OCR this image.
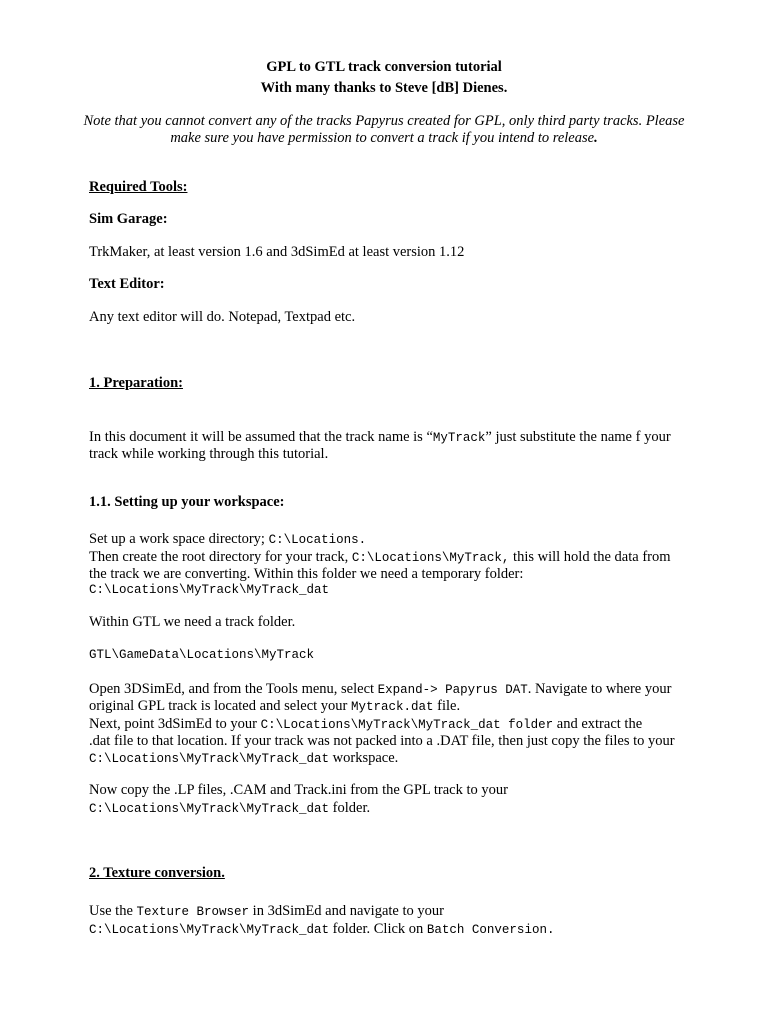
GPL to GTL track conversion tutorial
With many thanks to Steve [dB] Dienes.
Note that you cannot convert any of the tracks Papyrus created for GPL, only third party tracks. Please
make sure you have permission to convert a track if you intend to release.
Required Tools:
Sim Garage:
TrkMaker, at least version 1.6 and 3dSimEd at least version 1.12
Text Editor:
Any text editor will do. Notepad, Textpad etc.
1. Preparation:
In this document it will be assumed that the track name is “MyTrack” just substitute the name f your
track while working through this tutorial.
1.1. Setting up your workspace:
Set up a work space directory; C:\Locations.
Then create the root directory for your track, C:\Locations\MyTrack, this will hold the data from
the track we are converting. Within this folder we need a temporary folder:
C:\Locations\MyTrack\MyTrack_dat
Within GTL we need a track folder.
GTL\GameData\Locations\MyTrack
Open 3DSimEd, and from the Tools menu, select Expand-> Papyrus DAT. Navigate to where your
original GPL track is located and select your Mytrack.dat file.
Next, point 3dSimEd to your C:\Locations\MyTrack\MyTrack_dat folder and extract the
.dat file to that location. If your track was not packed into a .DAT file, then just copy the files to your
C:\Locations\MyTrack\MyTrack_dat workspace.
Now copy the .LP files, .CAM and Track.ini from the GPL track to your
C:\Locations\MyTrack\MyTrack_dat folder.
2. Texture conversion.
Use the Texture Browser in 3dSimEd and navigate to your
C:\Locations\MyTrack\MyTrack_dat folder. Click on Batch Conversion.
